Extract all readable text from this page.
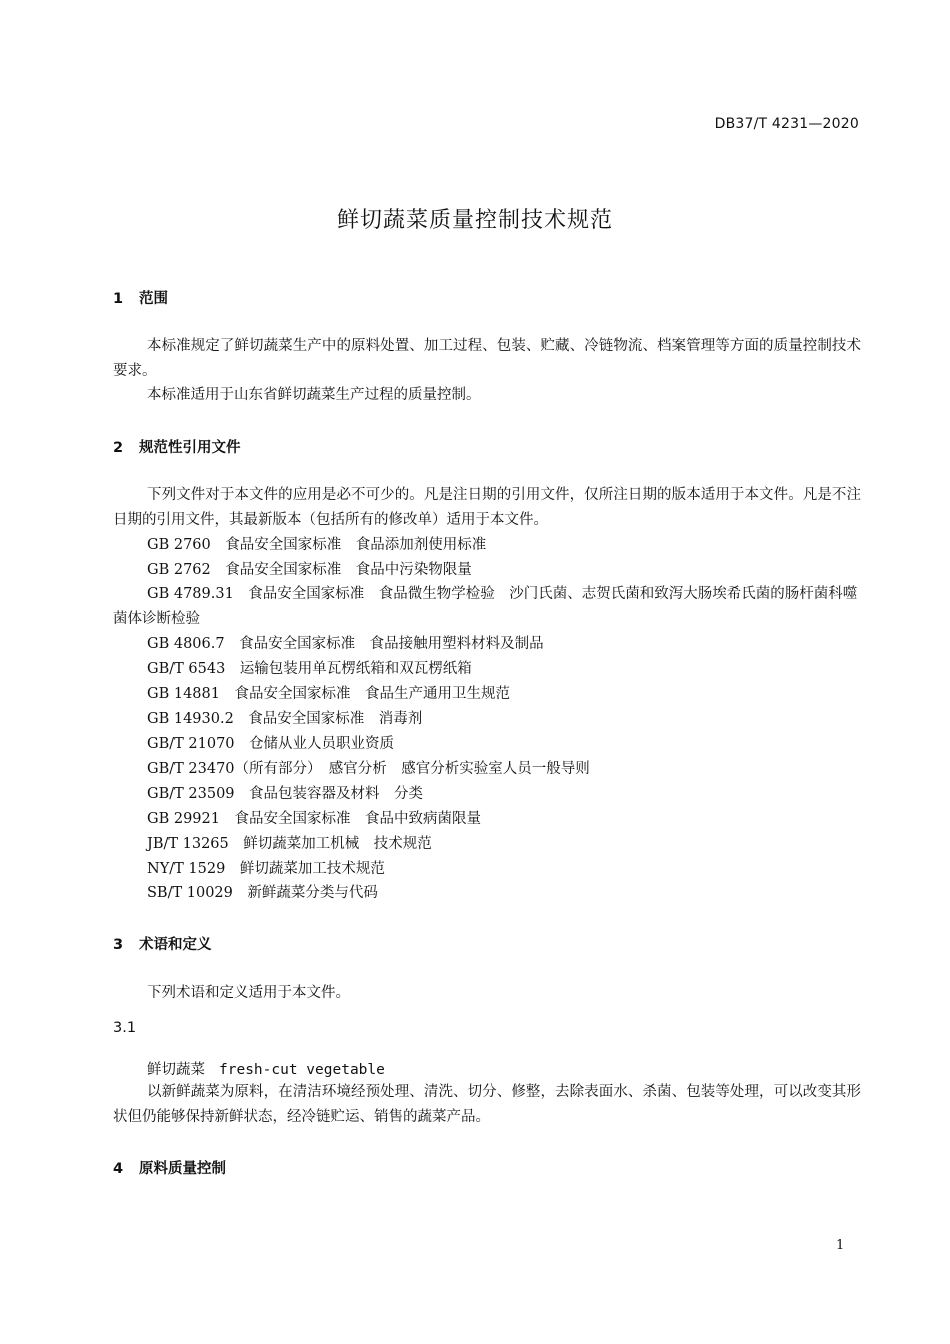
DB37/T 4231—2020
鲜切蔬菜质量控制技术规范
1 范围
本标准规定了鲜切蔬菜生产中的原料处置、加工过程、包装、贮藏、冷链物流、档案管理等方面的质量控制技术要求。
本标准适用于山东省鲜切蔬菜生产过程的质量控制。
2 规范性引用文件
下列文件对于本文件的应用是必不可少的。凡是注日期的引用文件，仅所注日期的版本适用于本文件。凡是不注日期的引用文件，其最新版本（包括所有的修改单）适用于本文件。
GB 2760　食品安全国家标准　食品添加剂使用标准
GB 2762　食品安全国家标准　食品中污染物限量
GB 4789.31　食品安全国家标准　食品微生物学检验　沙门氏菌、志贺氏菌和致泻大肠埃希氏菌的肠杆菌科噬菌体诊断检验
GB 4806.7　食品安全国家标准　食品接触用塑料材料及制品
GB/T 6543　运输包装用单瓦楞纸箱和双瓦楞纸箱
GB 14881　食品安全国家标准　食品生产通用卫生规范
GB 14930.2　食品安全国家标准　消毒剂
GB/T 21070　仓储从业人员职业资质
GB/T 23470（所有部分）　感官分析　感官分析实验室人员一般导则
GB/T 23509　食品包装容器及材料　分类
GB 29921　食品安全国家标准　食品中致病菌限量
JB/T 13265　鲜切蔬菜加工机械　技术规范
NY/T 1529　鲜切蔬菜加工技术规范
SB/T 10029　新鲜蔬菜分类与代码
3 术语和定义
下列术语和定义适用于本文件。
3.1
鲜切蔬菜 fresh-cut vegetable
以新鲜蔬菜为原料，在清洁环境经预处理、清洗、切分、修整，去除表面水、杀菌、包装等处理，可以改变其形状但仍能够保持新鲜状态，经冷链贮运、销售的蔬菜产品。
4 原料质量控制
1
